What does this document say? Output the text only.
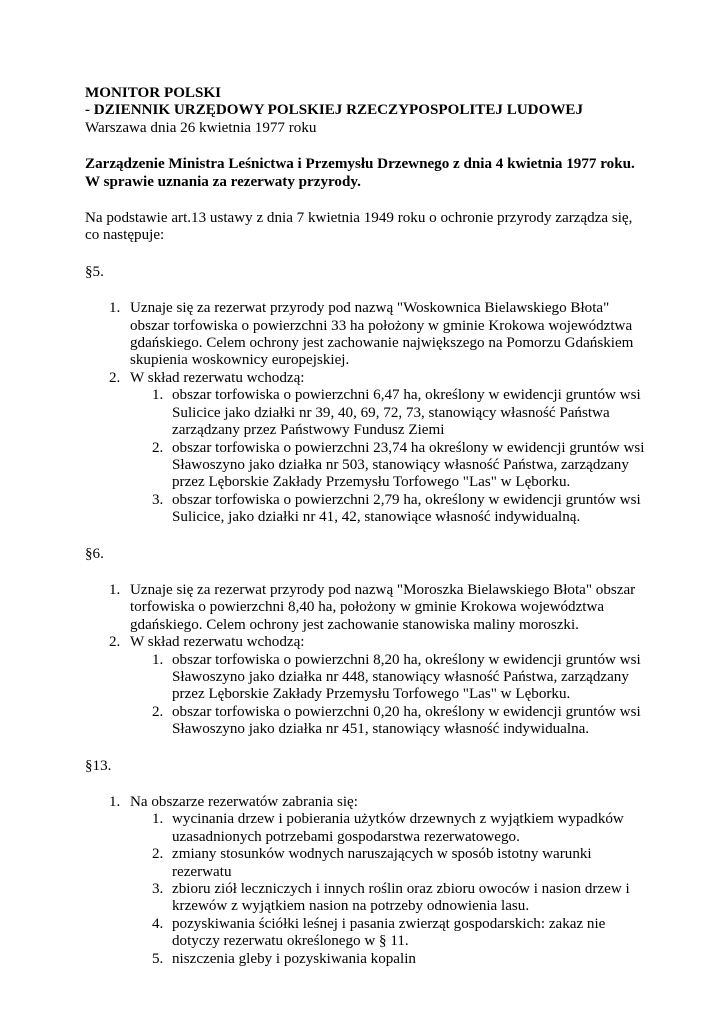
MONITOR POLSKI

- DZIENNIK URZĘDOWY POLSKIEJ RZECZYPOSPOLITEJ LUDOWEJ

Warszawa dnia 26 kwietnia 1977 roku

Zarządzenie Ministra Leśnictwa i Przemysłu Drzewnego z dnia 4 kwietnia 1977 roku. W sprawie uznania za rezerwaty przyrody.

Na podstawie art.13 ustawy z dnia 7 kwietnia 1949 roku o ochronie przyrody zarządza się, co następuje:

§5.

1. Uznaje się za rezerwat przyrody pod nazwą "Woskownica Bielawskiego Błota" obszar torfowiska o powierzchni 33 ha położony w gminie Krokowa województwa gdańskiego. Celem ochrony jest zachowanie największego na Pomorzu Gdańskiem skupienia woskownicy europejskiej.
2. W skład rezerwatu wchodzą:
1. obszar torfowiska o powierzchni 6,47 ha, określony w ewidencji gruntów wsi Sulicice jako działki nr 39, 40, 69, 72, 73, stanowiący własność Państwa zarządzany przez Państwowy Fundusz Ziemi
2. obszar torfowiska o powierzchni 23,74 ha określony w ewidencji gruntów wsi Sławoszyno jako działka nr 503, stanowiący własność Państwa, zarządzany przez Lęborskie Zakłady Przemysłu Torfowego "Las" w Lęborku.
3. obszar torfowiska o powierzchni 2,79 ha, określony w ewidencji gruntów wsi Sulicice, jako działki nr 41, 42, stanowiące własność indywidualną.

§6.

1. Uznaje się za rezerwat przyrody pod nazwą "Moroszka Bielawskiego Błota" obszar torfowiska o powierzchni 8,40 ha, położony w gminie Krokowa województwa gdańskiego. Celem ochrony jest zachowanie stanowiska maliny moroszki.
2. W skład rezerwatu wchodzą:
1. obszar torfowiska o powierzchni 8,20 ha, określony w ewidencji gruntów wsi Sławoszyno jako działka nr 448, stanowiący własność Państwa, zarządzany przez Lęborskie Zakłady Przemysłu Torfowego "Las" w Lęborku.
2. obszar torfowiska o powierzchni 0,20 ha, określony w ewidencji gruntów wsi Sławoszyno jako działka nr 451, stanowiący własność indywidualna.

§13.

1. Na obszarze rezerwatów zabrania się:
1. wycinania drzew i pobierania użytków drzewnych z wyjątkiem wypadków uzasadnionych potrzebami gospodarstwa rezerwatowego.
2. zmiany stosunków wodnych naruszających w sposób istotny warunki rezerwatu
3. zbioru ziół leczniczych i innych roślin oraz zbioru owoców i nasion drzew i krzewów z wyjątkiem nasion na potrzeby odnowienia lasu.
4. pozyskiwania ściółki leśnej i pasania zwierząt gospodarskich: zakaz nie dotyczy rezerwatu określonego w § 11.
5. niszczenia gleby i pozyskiwania kopalin
